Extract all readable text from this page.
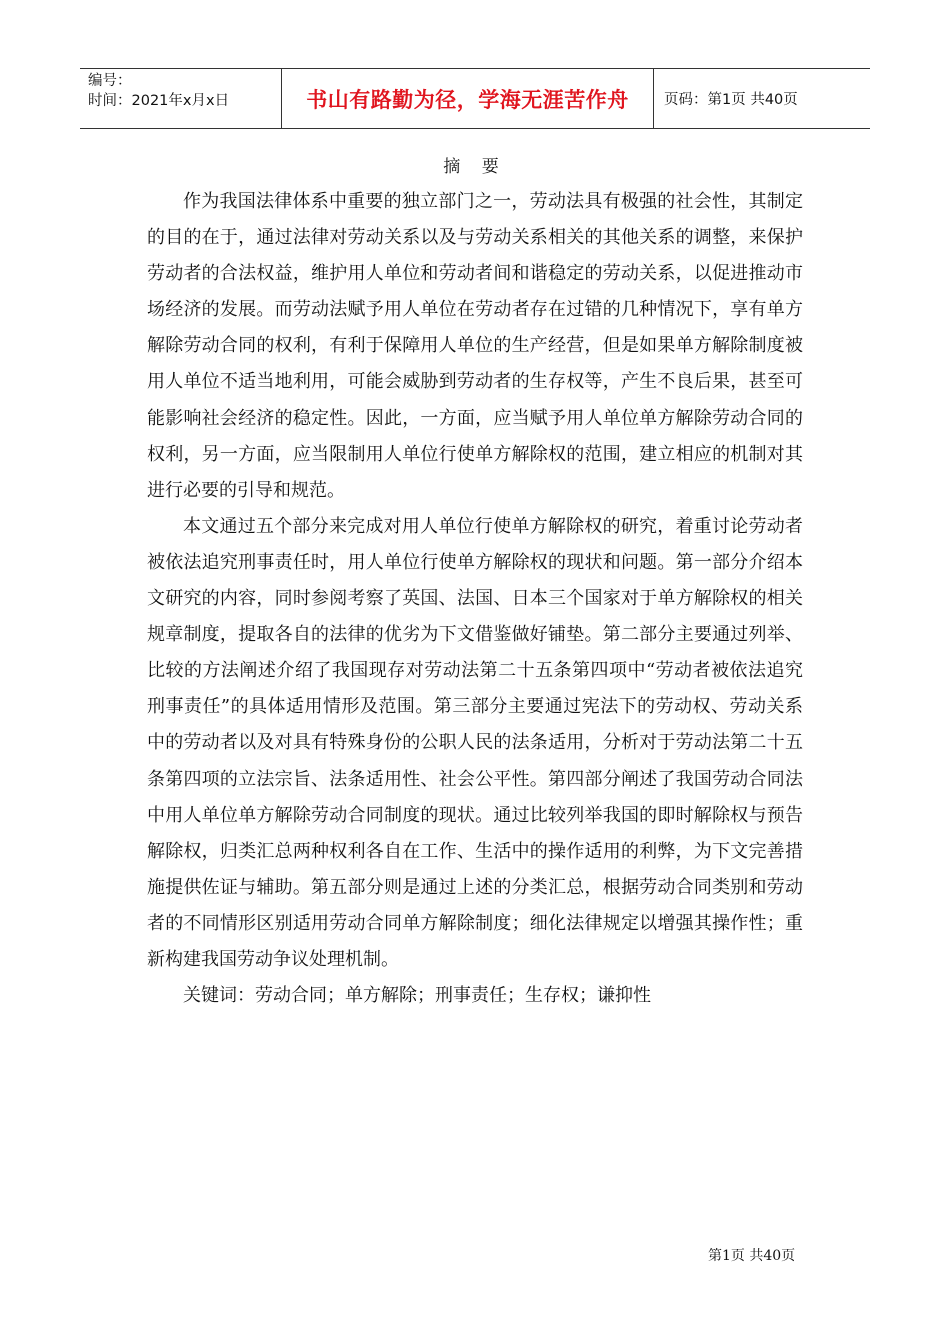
编号：
时间：2021年x月x日	书山有路勤为径，学海无涯苦作舟	页码：第1页 共40页
摘 要

作为我国法律体系中重要的独立部门之一，劳动法具有极强的社会性，其制定的目的在于，通过法律对劳动关系以及与劳动关系相关的其他关系的调整，来保护劳动者的合法权益，维护用人单位和劳动者间和谐稳定的劳动关系，以促进推动市场经济的发展。而劳动法赋予用人单位在劳动者存在过错的几种情况下，享有单方解除劳动合同的权利，有利于保障用人单位的生产经营，但是如果单方解除制度被用人单位不适当地利用，可能会威胁到劳动者的生存权等，产生不良后果，甚至可能影响社会经济的稳定性。因此，一方面，应当赋予用人单位单方解除劳动合同的权利，另一方面，应当限制用人单位行使单方解除权的范围，建立相应的机制对其进行必要的引导和规范。

本文通过五个部分来完成对用人单位行使单方解除权的研究，着重讨论劳动者被依法追究刑事责任时，用人单位行使单方解除权的现状和问题。第一部分介绍本文研究的内容，同时参阅考察了英国、法国、日本三个国家对于单方解除权的相关规章制度，提取各自的法律的优劣为下文借鉴做好铺垫。第二部分主要通过列举、比较的方法阐述介绍了我国现存对劳动法第二十五条第四项中“劳动者被依法追究刑事责任”的具体适用情形及范围。第三部分主要通过宪法下的劳动权、劳动关系中的劳动者以及对具有特殊身份的公职人民的法条适用，分析对于劳动法第二十五条第四项的立法宗旨、法条适用性、社会公平性。第四部分阐述了我国劳动合同法中用人单位单方解除劳动合同制度的现状。通过比较列举我国的即时解除权与预告解除权，归类汇总两种权利各自在工作、生活中的操作适用的利弊，为下文完善措施提供佐证与辅助。第五部分则是通过上述的分类汇总，根据劳动合同类别和劳动者的不同情形区别适用劳动合同单方解除制度；细化法律规定以增强其操作性；重新构建我国劳动争议处理机制。

关键词：劳动合同；单方解除；刑事责任；生存权；谦抑性

第1页 共40页
